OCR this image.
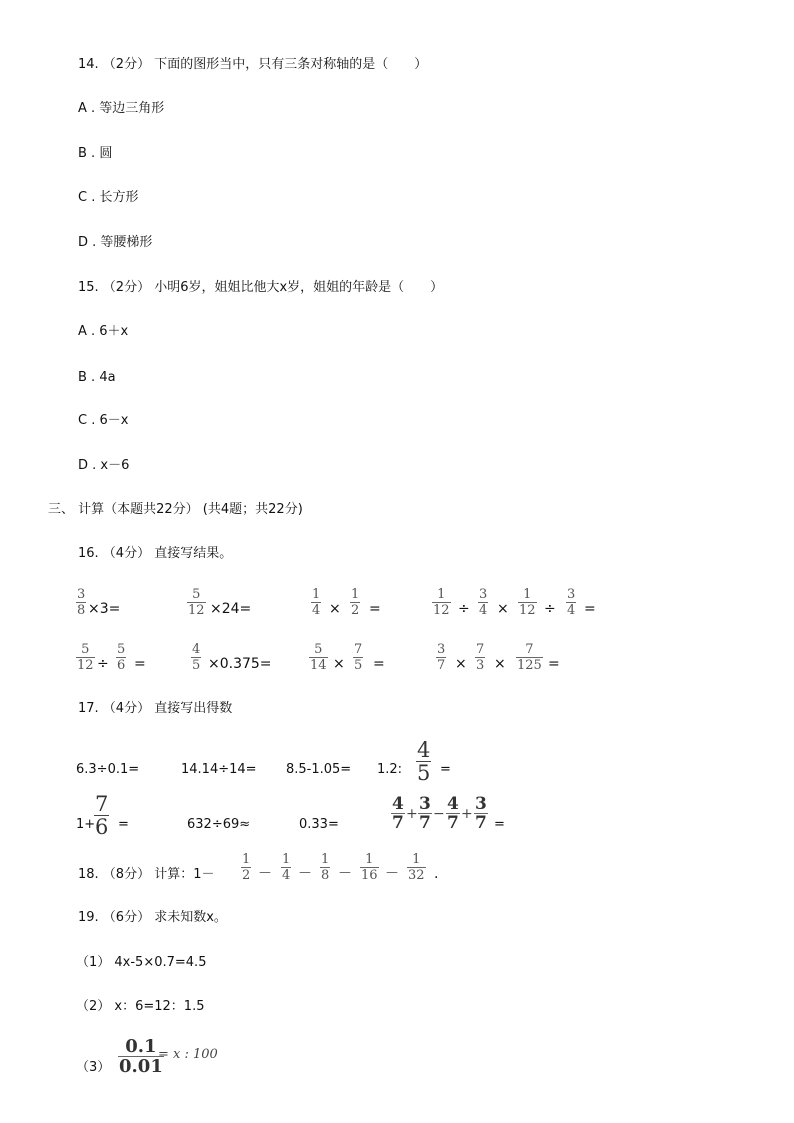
14. （2分） 下面的图形当中，只有三条对称轴的是（　　）
A . 等边三角形
B . 圆
C . 长方形
D . 等腰梯形
15. （2分） 小明6岁，姐姐比他大x岁，姐姐的年龄是（　　）
A . 6＋x
B . 4a
C . 6－x
D . x－6
三、 计算（本题共22分） (共4题；共22分)
16. （4分） 直接写结果。
3
8 ×3=
5
12 ×24=
1
4 ×
1
2 =
1
12 ÷
3
4 ×
1
12 ÷
3
4 =
5
12 ÷
5
6 =
4
5 ×0.375=
5
14 ×
7
5 =
3
7 ×
7
3 ×
7
125 =
17. （4分） 直接写出得数
6.3÷0.1=	14.14÷14= 8.5-1.05= 1.2:
4
5 =
1+
7
6 =	632÷69≈	0.33=
4
7 + 3
7 − 4
7 + 3
7 =
18. （8分） 计算：1－
1
2 －
1
4 －
1
8 －
1
16 －
1
32 .
19. （6分） 求未知数x。
（1） 4x-5×0.7=4.5
（2） x：6=12：1.5
（3）
0.1
0.01
= x : 100
